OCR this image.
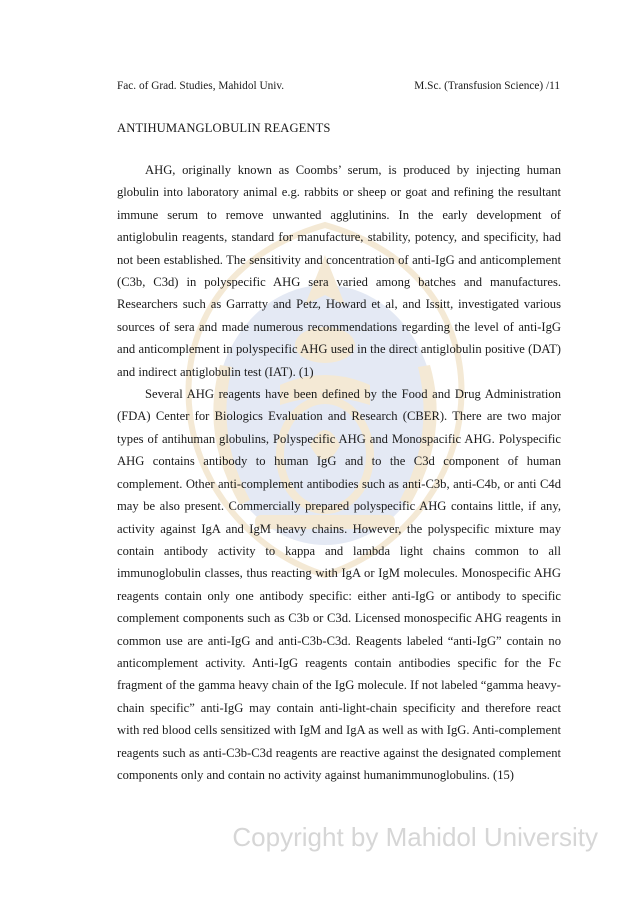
Fac. of Grad. Studies, Mahidol Univ.	M.Sc. (Transfusion Science) /11
ANTIHUMANGLOBULIN REAGENTS

AHG, originally known as Coombs’ serum, is produced by injecting human globulin into laboratory animal e.g. rabbits or sheep or goat and refining the resultant immune serum to remove unwanted agglutinins. In the early development of antiglobulin reagents, standard for manufacture, stability, potency, and specificity, had not been established. The sensitivity and concentration of anti-IgG and anticomplement (C3b, C3d) in polyspecific AHG sera varied among batches and manufactures. Researchers such as Garratty and Petz, Howard et al, and Issitt, investigated various sources of sera and made numerous recommendations regarding the level of anti-IgG and anticomplement in polyspecific AHG used in the direct antiglobulin positive (DAT) and indirect antiglobulin test (IAT). (1)

Several AHG reagents have been defined by the Food and Drug Administration (FDA) Center for Biologics Evaluation and Research (CBER). There are two major types of antihuman globulins, Polyspecific AHG and Monospacific AHG. Polyspecific AHG contains antibody to human IgG and to the C3d component of human complement. Other anti-complement antibodies such as anti-C3b, anti-C4b, or anti C4d may be also present. Commercially prepared polyspecific AHG contains little, if any, activity against IgA and IgM heavy chains. However, the polyspecific mixture may contain antibody activity to kappa and lambda light chains common to all immunoglobulin classes, thus reacting with IgA or IgM molecules. Monospecific AHG reagents contain only one antibody specific: either anti-IgG or antibody to specific complement components such as C3b or C3d. Licensed monospecific AHG reagents in common use are anti-IgG and anti-C3b-C3d. Reagents labeled “anti-IgG” contain no anticomplement activity. Anti-IgG reagents contain antibodies specific for the Fc fragment of the gamma heavy chain of the IgG molecule. If not labeled “gamma heavy-chain specific” anti-IgG may contain anti-light-chain specificity and therefore react with red blood cells sensitized with IgM and IgA as well as with IgG. Anti-complement reagents such as anti-C3b-C3d reagents are reactive against the designated complement components only and contain no activity against humanimmunoglobulins. (15)

Copyright by Mahidol University
